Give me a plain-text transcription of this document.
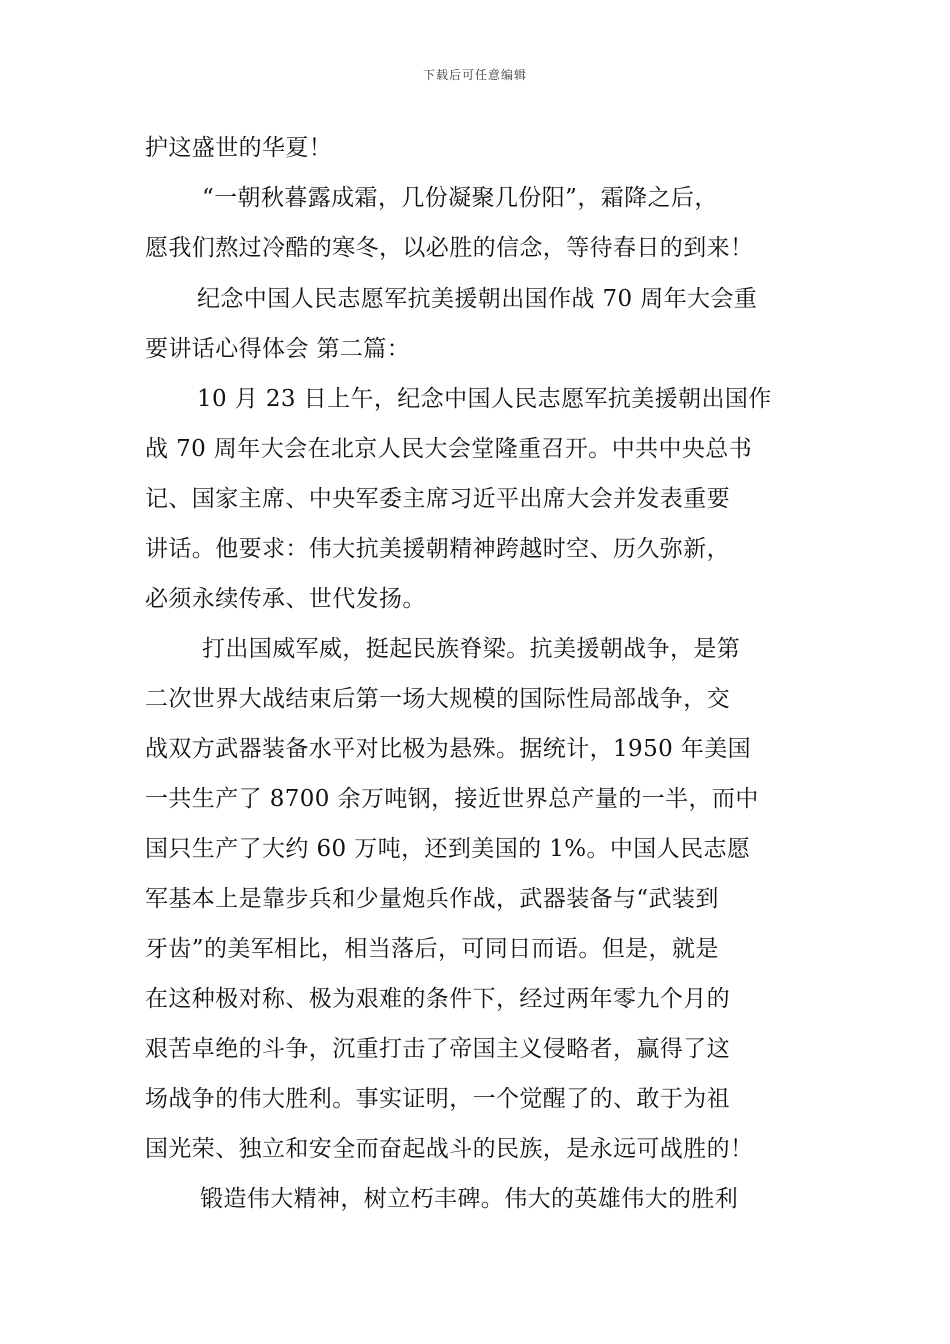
下载后可任意编辑
护这盛世的华夏！
“一朝秋暮露成霜，几份凝聚几份阳”，霜降之后，
愿我们熬过冷酷的寒冬，以必胜的信念，等待春日的到来！
纪念中国人民志愿军抗美援朝出国作战 70 周年大会重
要讲话心得体会 第二篇：
10 月 23 日上午，纪念中国人民志愿军抗美援朝出国作
战 70 周年大会在北京人民大会堂隆重召开。中共中央总书
记、国家主席、中央军委主席习近平出席大会并发表重要
讲话。他要求：伟大抗美援朝精神跨越时空、历久弥新，
必须永续传承、世代发扬。
打出国威军威，挺起民族脊梁。抗美援朝战争，是第
二次世界大战结束后第一场大规模的国际性局部战争，交
战双方武器装备水平对比极为悬殊。据统计，1950 年美国
一共生产了 8700 余万吨钢，接近世界总产量的一半，而中
国只生产了大约 60 万吨，还到美国的 1%。中国人民志愿
军基本上是靠步兵和少量炮兵作战，武器装备与“武装到
牙齿”的美军相比，相当落后，可同日而语。但是，就是
在这种极对称、极为艰难的条件下，经过两年零九个月的
艰苦卓绝的斗争，沉重打击了帝国主义侵略者，赢得了这
场战争的伟大胜利。事实证明，一个觉醒了的、敢于为祖
国光荣、独立和安全而奋起战斗的民族，是永远可战胜的！
锻造伟大精神，树立朽丰碑。伟大的英雄伟大的胜利
